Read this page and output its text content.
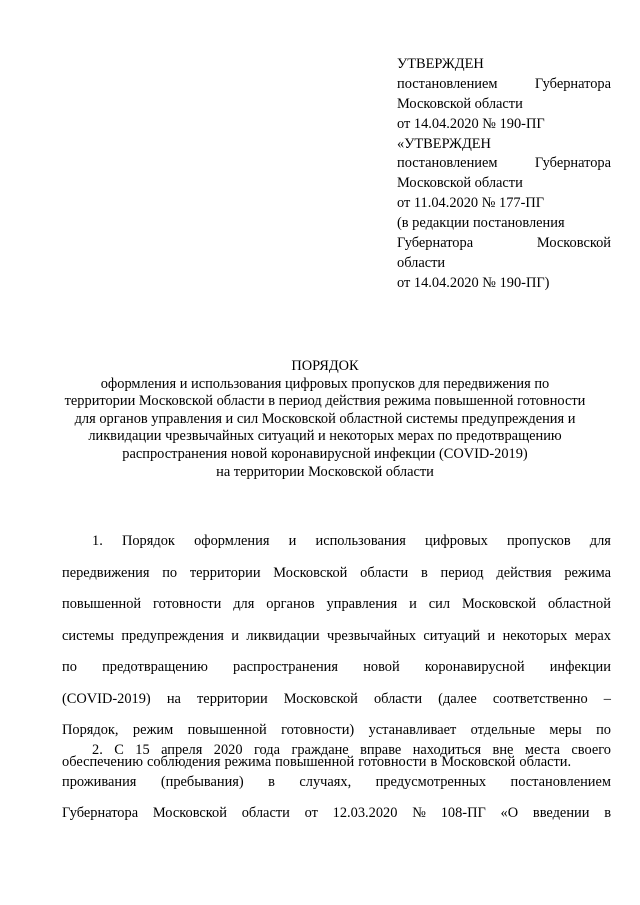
УТВЕРЖДЕН
постановлением	Губернатора
Московской области
от 14.04.2020 № 190-ПГ
«УТВЕРЖДЕН
постановлением	Губернатора
Московской области
от 11.04.2020 № 177-ПГ
(в редакции постановления
Губернатора	Московской
области
от 14.04.2020 № 190-ПГ)
ПОРЯДОК
оформления и использования цифровых пропусков для передвижения по
территории Московской области в период действия режима повышенной готовности
для органов управления и сил Московской областной системы предупреждения и
ликвидации чрезвычайных ситуаций и некоторых мерах по предотвращению
распространения новой коронавирусной инфекции (COVID-2019)
на территории Московской области
1. Порядок оформления и использования цифровых пропусков для
передвижения по территории Московской области в период действия режима
повышенной готовности для органов управления и сил Московской областной
системы предупреждения и ликвидации чрезвычайных ситуаций и некоторых мерах
по предотвращению распространения новой коронавирусной инфекции
(COVID-2019) на территории Московской области (далее соответственно –
Порядок, режим повышенной готовности) устанавливает отдельные меры по
обеспечению соблюдения режима повышенной готовности в Московской области.
2. С 15 апреля 2020 года граждане вправе находиться вне места своего
проживания (пребывания) в случаях, предусмотренных постановлением
Губернатора Московской области от 12.03.2020 № 108-ПГ «О введении в
